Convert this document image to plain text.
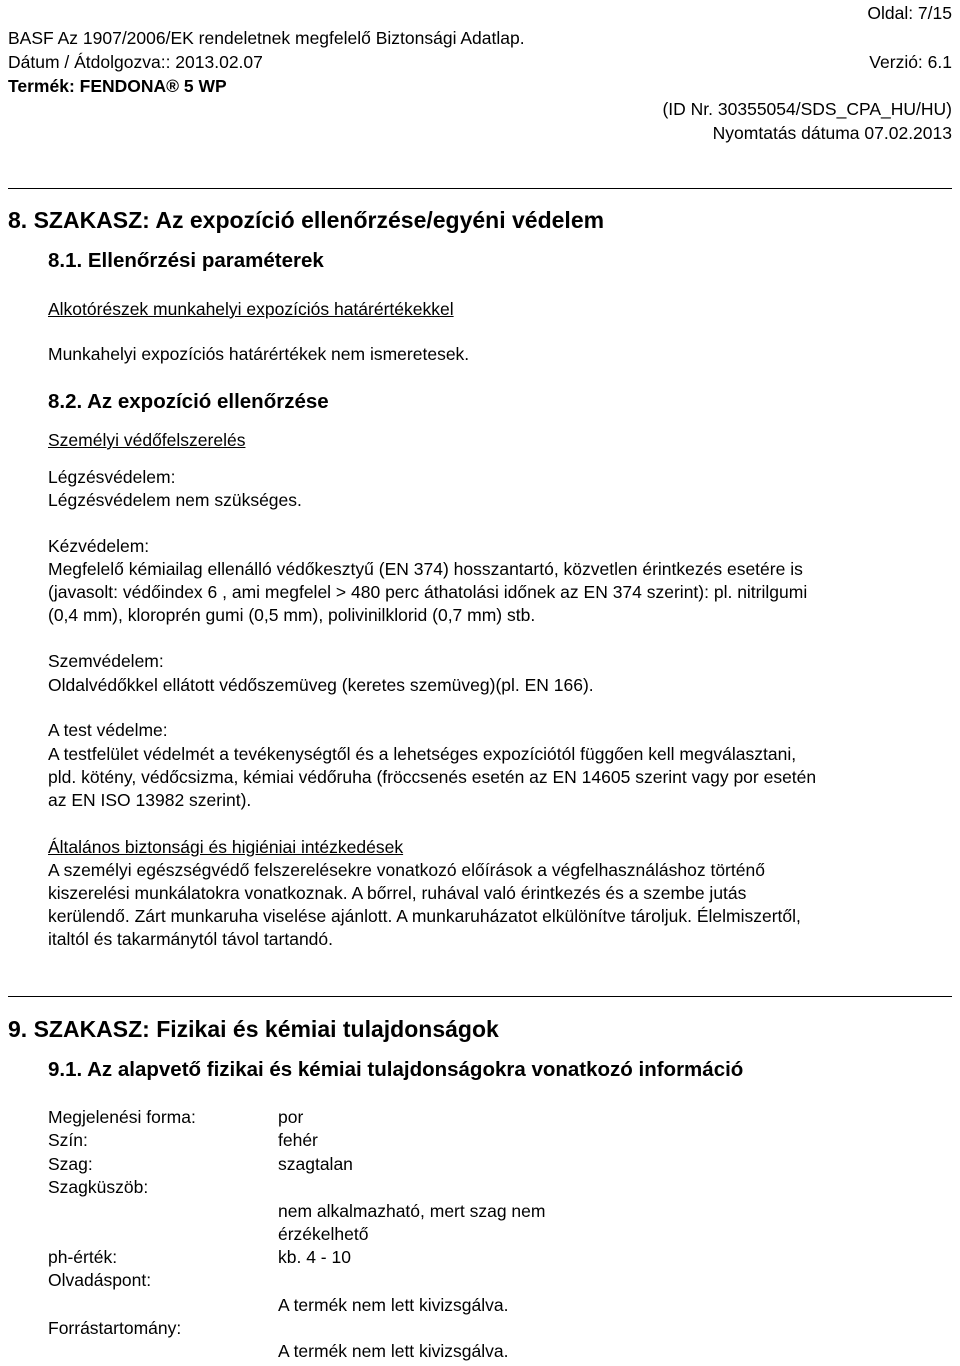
Oldal: 7/15
BASF Az 1907/2006/EK rendeletnek megfelelő Biztonsági Adatlap.
Dátum / Átdolgozva:: 2013.02.07	Verzió: 6.1
Termék: FENDONA® 5 WP
(ID Nr. 30355054/SDS_CPA_HU/HU)
Nyomtatás dátuma 07.02.2013
8. SZAKASZ: Az expozíció ellenőrzése/egyéni védelem
8.1. Ellenőrzési paraméterek
Alkotórészek munkahelyi expozíciós határértékekkel
Munkahelyi expozíciós határértékek nem ismeretesek.
8.2. Az expozíció ellenőrzése
Személyi védőfelszerelés
Légzésvédelem:
Légzésvédelem nem szükséges.
Kézvédelem:
Megfelelő kémiailag ellenálló védőkesztyű (EN 374) hosszantartó, közvetlen érintkezés esetére is
(javasolt: védőindex 6 , ami megfelel > 480 perc áthatolási időnek az EN 374 szerint): pl. nitrilgumi
(0,4 mm), kloroprén gumi (0,5 mm), polivinilklorid (0,7 mm) stb.
Szemvédelem:
Oldalvédőkkel ellátott védőszemüveg (keretes szemüveg)(pl. EN 166).
A test védelme:
A testfelület védelmét a tevékenységtől és a lehetséges expozíciótól függően kell megválasztani,
pld. kötény, védőcsizma, kémiai védőruha (fröccsenés esetén az EN 14605 szerint vagy por esetén
az EN ISO 13982 szerint).
Általános biztonsági és higiéniai intézkedések
A személyi egészségvédő felszerelésekre vonatkozó előírások a végfelhasználáshoz történő
kiszerelési munkálatokra vonatkoznak. A bőrrel, ruhával való érintkezés és a szembe jutás
kerülendő. Zárt munkaruha viselése ajánlott. A munkaruházatot elkülönítve tároljuk. Élelmiszertől,
italtól és takarmánytól távol tartandó.
9. SZAKASZ: Fizikai és kémiai tulajdonságok
9.1. Az alapvető fizikai és kémiai tulajdonságokra vonatkozó információ
Megjelenési forma:	por
Szín:	fehér
Szag:	szagtalan
Szagküszöb:
nem alkalmazható, mert szag nem
érzékelhető
ph-érték:	kb. 4 - 10
Olvadáspont:
A termék nem lett kivizsgálva.
Forrástartomány:
A termék nem lett kivizsgálva.
